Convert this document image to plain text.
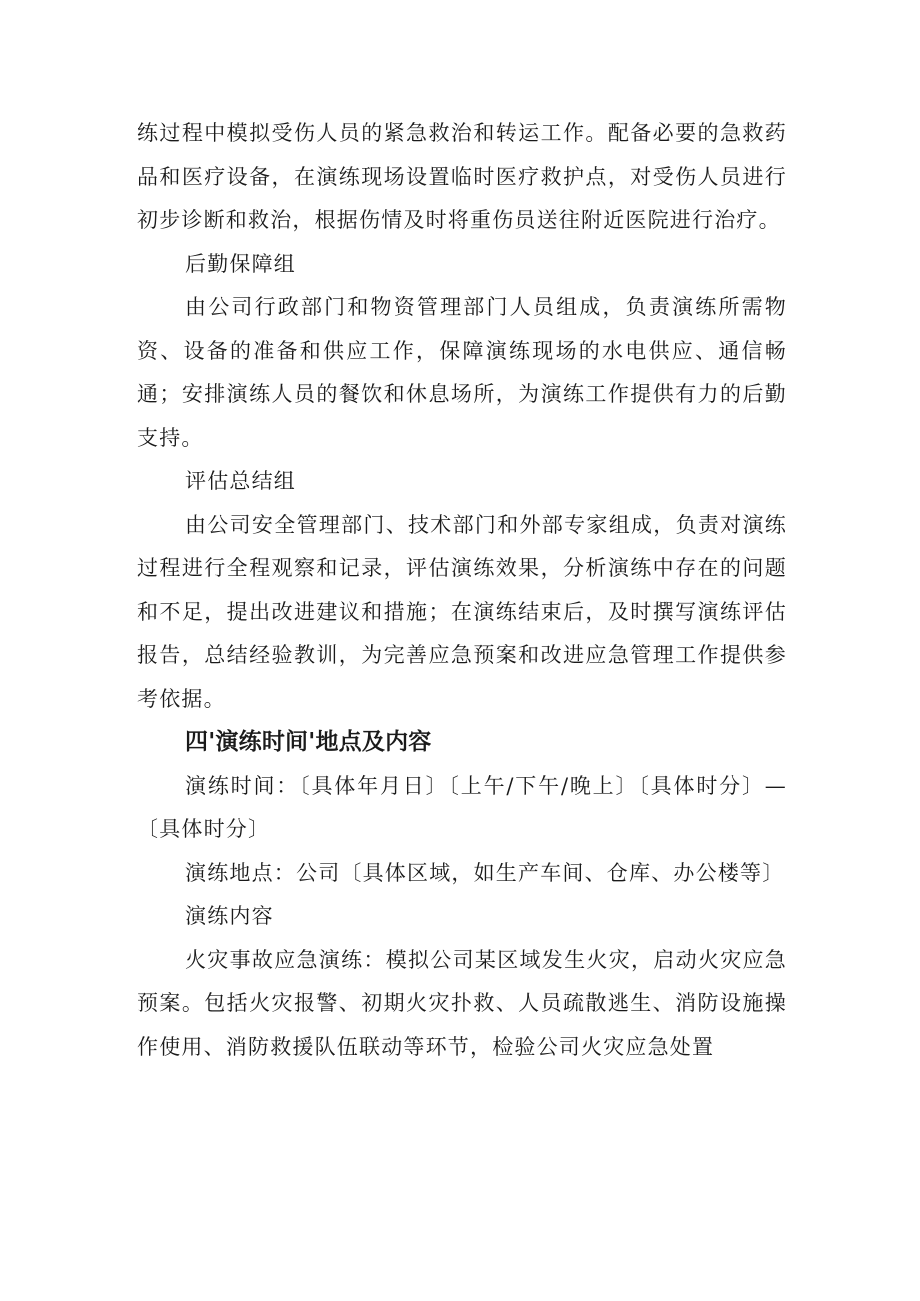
练过程中模拟受伤人员的紧急救治和转运工作。配备必要的急救药品和医疗设备，在演练现场设置临时医疗救护点，对受伤人员进行初步诊断和救治，根据伤情及时将重伤员送往附近医院进行治疗。

后勤保障组

由公司行政部门和物资管理部门人员组成，负责演练所需物资、设备的准备和供应工作，保障演练现场的水电供应、通信畅通；安排演练人员的餐饮和休息场所，为演练工作提供有力的后勤支持。

评估总结组

由公司安全管理部门、技术部门和外部专家组成，负责对演练过程进行全程观察和记录，评估演练效果，分析演练中存在的问题和不足，提出改进建议和措施；在演练结束后，及时撰写演练评估报告，总结经验教训，为完善应急预案和改进应急管理工作提供参考依据。

四'演练时间'地点及内容

演练时间：〔具体年月日〕〔上午/下午/晚上〕〔具体时分〕—〔具体时分〕

演练地点：公司〔具体区域，如生产车间、仓库、办公楼等〕

演练内容

火灾事故应急演练：模拟公司某区域发生火灾，启动火灾应急预案。包括火灾报警、初期火灾扑救、人员疏散逃生、消防设施操作使用、消防救援队伍联动等环节，检验公司火灾应急处置
